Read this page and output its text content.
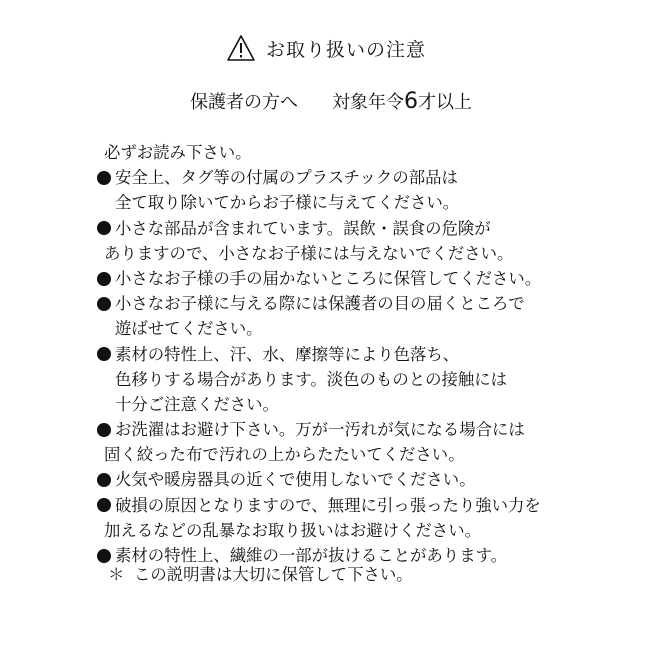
お取り扱いの注意
保護者の方へ 対象年令6才以上
必ずお読み下さい。
安全上、タグ等の付属のプラスチックの部品は
全て取り除いてからお子様に与えてください。
小さな部品が含まれています。誤飲・誤食の危険が
ありますので、小さなお子様には与えないでください。
小さなお子様の手の届かないところに保管してください。
小さなお子様に与える際には保護者の目の届くところで
遊ばせてください。
素材の特性上、汗、水、摩擦等により色落ち、
色移りする場合があります。淡色のものとの接触には
十分ご注意ください。
お洗濯はお避け下さい。万が一汚れが気になる場合には
固く絞った布で汚れの上からたたいてください。
火気や暖房器具の近くで使用しないでください。
破損の原因となりますので、無理に引っ張ったり強い力を
加えるなどの乱暴なお取り扱いはお避けください。
素材の特性上、繊維の一部が抜けることがあります。
＊ この説明書は大切に保管して下さい。
